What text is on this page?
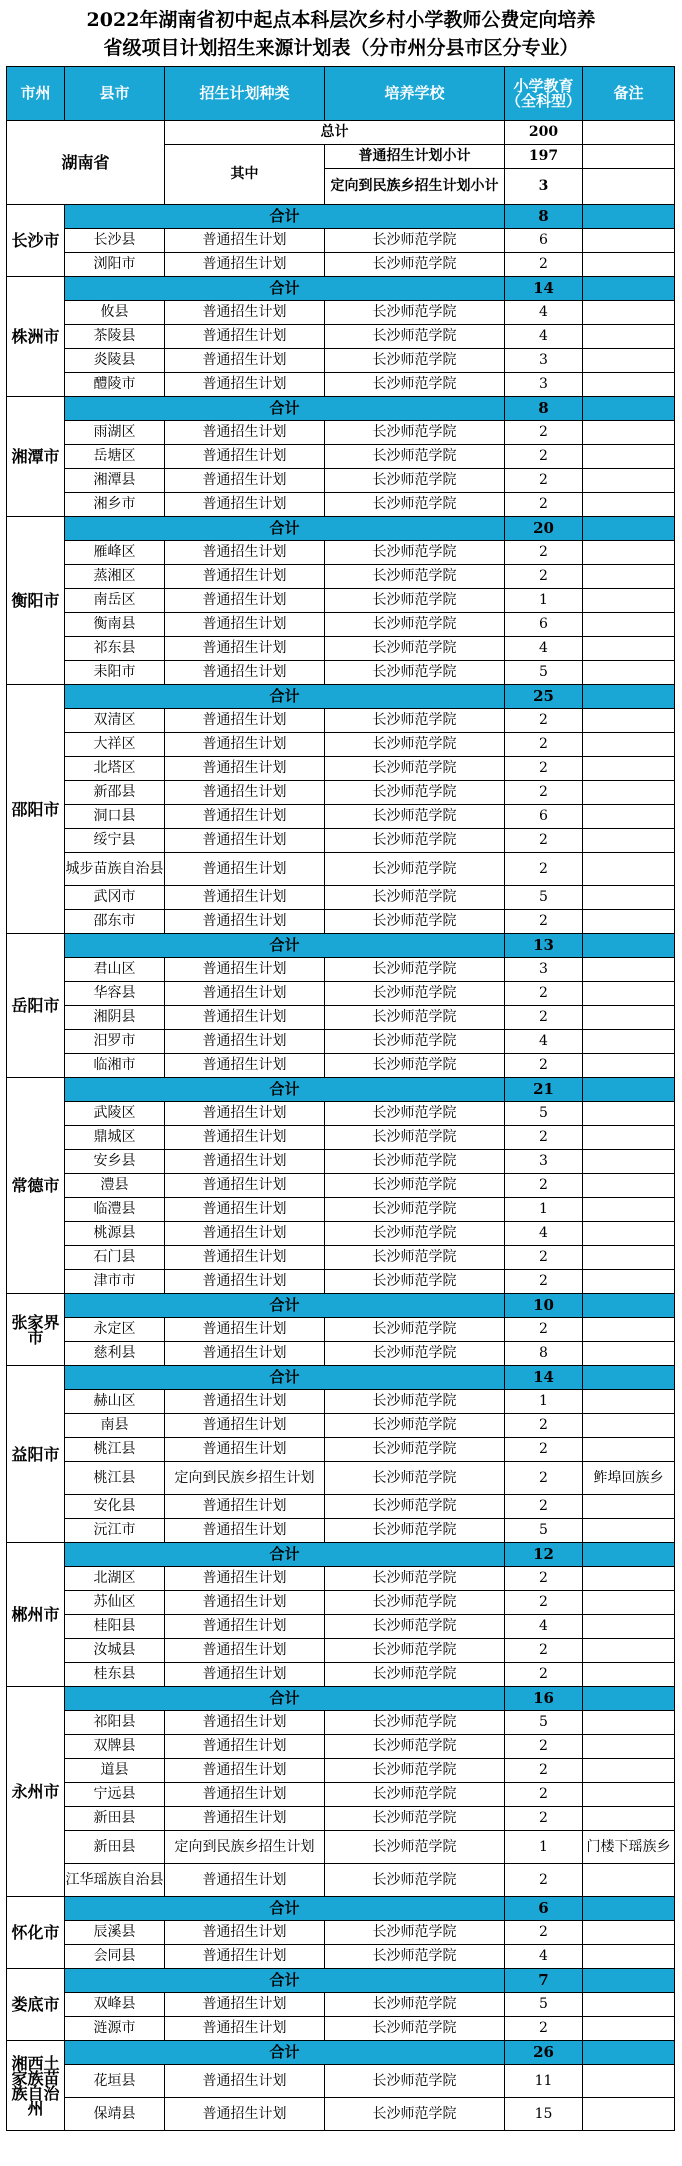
2022年湖南省初中起点本科层次乡村小学教师公费定向培养
省级项目计划招生来源计划表（分市州分县市区分专业）
市州	县市	招生计划种类	培养学校	小学教育（全科型）	备注
湖南省		总计		200	
		其中	普通招生计划小计	197	
			定向到民族乡招生计划小计	3	
长沙市	合计			8	
	长沙县	普通招生计划	长沙师范学院	6	
	浏阳市	普通招生计划	长沙师范学院	2	
株洲市	合计			14	
	攸县	普通招生计划	长沙师范学院	4	
	茶陵县	普通招生计划	长沙师范学院	4	
	炎陵县	普通招生计划	长沙师范学院	3	
	醴陵市	普通招生计划	长沙师范学院	3	
湘潭市	合计			8	
	雨湖区	普通招生计划	长沙师范学院	2	
	岳塘区	普通招生计划	长沙师范学院	2	
	湘潭县	普通招生计划	长沙师范学院	2	
	湘乡市	普通招生计划	长沙师范学院	2	
衡阳市	合计			20	
	雁峰区	普通招生计划	长沙师范学院	2	
	蒸湘区	普通招生计划	长沙师范学院	2	
	南岳区	普通招生计划	长沙师范学院	1	
	衡南县	普通招生计划	长沙师范学院	6	
	祁东县	普通招生计划	长沙师范学院	4	
	耒阳市	普通招生计划	长沙师范学院	5	
邵阳市	合计			25	
	双清区	普通招生计划	长沙师范学院	2	
	大祥区	普通招生计划	长沙师范学院	2	
	北塔区	普通招生计划	长沙师范学院	2	
	新邵县	普通招生计划	长沙师范学院	2	
	洞口县	普通招生计划	长沙师范学院	6	
	绥宁县	普通招生计划	长沙师范学院	2	
	城步苗族自治县	普通招生计划	长沙师范学院	2	
	武冈市	普通招生计划	长沙师范学院	5	
	邵东市	普通招生计划	长沙师范学院	2	
岳阳市	合计			13	
	君山区	普通招生计划	长沙师范学院	3	
	华容县	普通招生计划	长沙师范学院	2	
	湘阴县	普通招生计划	长沙师范学院	2	
	汨罗市	普通招生计划	长沙师范学院	4	
	临湘市	普通招生计划	长沙师范学院	2	
常德市	合计			21	
	武陵区	普通招生计划	长沙师范学院	5	
	鼎城区	普通招生计划	长沙师范学院	2	
	安乡县	普通招生计划	长沙师范学院	3	
	澧县	普通招生计划	长沙师范学院	2	
	临澧县	普通招生计划	长沙师范学院	1	
	桃源县	普通招生计划	长沙师范学院	4	
	石门县	普通招生计划	长沙师范学院	2	
	津市市	普通招生计划	长沙师范学院	2	
张家界市	合计			10	
	永定区	普通招生计划	长沙师范学院	2	
	慈利县	普通招生计划	长沙师范学院	8	
益阳市	合计			14	
	赫山区	普通招生计划	长沙师范学院	1	
	南县	普通招生计划	长沙师范学院	2	
	桃江县	普通招生计划	长沙师范学院	2	
	桃江县	定向到民族乡招生计划	长沙师范学院	2	鲊埠回族乡
	安化县	普通招生计划	长沙师范学院	2	
	沅江市	普通招生计划	长沙师范学院	5	
郴州市	合计			12	
	北湖区	普通招生计划	长沙师范学院	2	
	苏仙区	普通招生计划	长沙师范学院	2	
	桂阳县	普通招生计划	长沙师范学院	4	
	汝城县	普通招生计划	长沙师范学院	2	
	桂东县	普通招生计划	长沙师范学院	2	
永州市	合计			16	
	祁阳县	普通招生计划	长沙师范学院	5	
	双牌县	普通招生计划	长沙师范学院	2	
	道县	普通招生计划	长沙师范学院	2	
	宁远县	普通招生计划	长沙师范学院	2	
	新田县	普通招生计划	长沙师范学院	2	
	新田县	定向到民族乡招生计划	长沙师范学院	1	门楼下瑶族乡
	江华瑶族自治县	普通招生计划	长沙师范学院	2	
怀化市	合计			6	
	辰溪县	普通招生计划	长沙师范学院	2	
	会同县	普通招生计划	长沙师范学院	4	
娄底市	合计			7	
	双峰县	普通招生计划	长沙师范学院	5	
	涟源市	普通招生计划	长沙师范学院	2	
湘西土家族苗族自治州	合计			26	
	花垣县	普通招生计划	长沙师范学院	11	
	保靖县	普通招生计划	长沙师范学院	15	
